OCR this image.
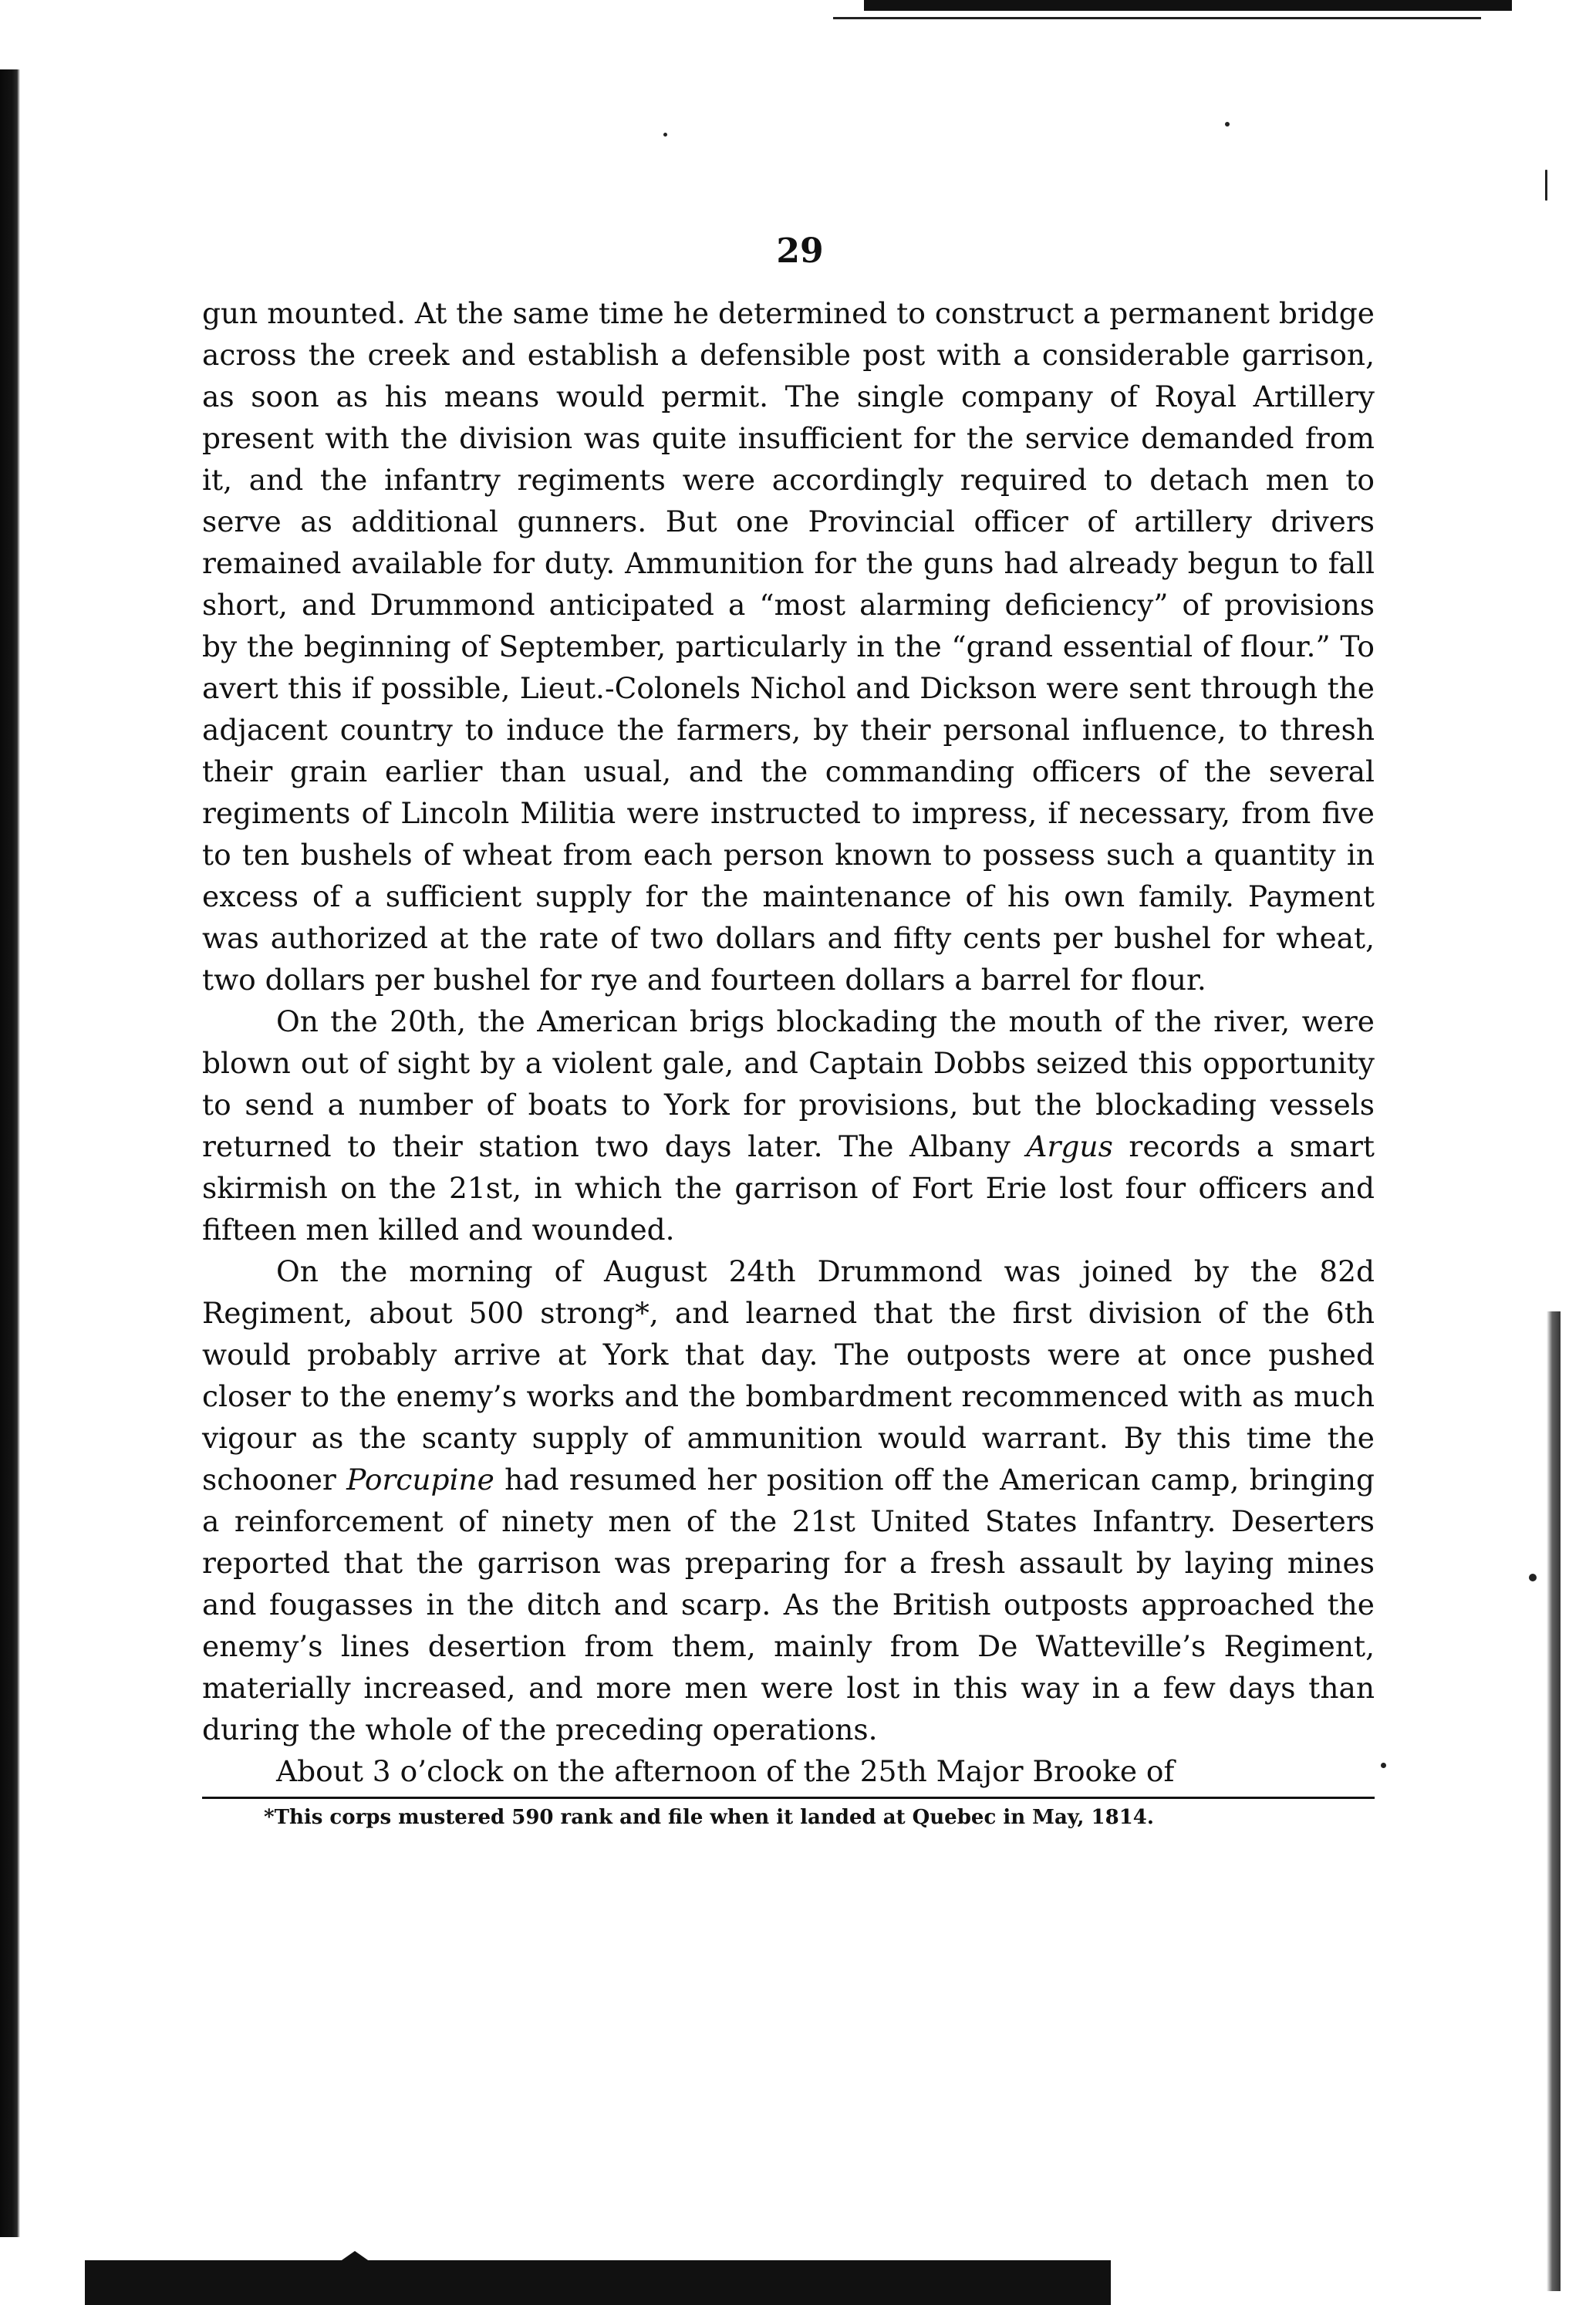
29

gun mounted. At the same time he determined to construct a permanent bridge across the creek and establish a defensible post with a considerable garrison, as soon as his means would permit. The single company of Royal Artillery present with the division was quite insufficient for the service demanded from it, and the infantry regiments were accordingly required to detach men to serve as additional gunners. But one Provincial officer of artillery drivers remained available for duty. Ammunition for the guns had already begun to fall short, and Drummond anticipated a “most alarming deficiency” of provisions by the beginning of September, particularly in the “grand essential of flour.” To avert this if possible, Lieut.-Colonels Nichol and Dickson were sent through the adjacent country to induce the farmers, by their personal influence, to thresh their grain earlier than usual, and the commanding officers of the several regiments of Lincoln Militia were instructed to impress, if necessary, from five to ten bushels of wheat from each person known to possess such a quantity in excess of a sufficient supply for the maintenance of his own family. Payment was authorized at the rate of two dollars and fifty cents per bushel for wheat, two dollars per bushel for rye and fourteen dollars a barrel for flour.

On the 20th, the American brigs blockading the mouth of the river, were blown out of sight by a violent gale, and Captain Dobbs seized this opportunity to send a number of boats to York for provisions, but the blockading vessels returned to their station two days later. The Albany Argus records a smart skirmish on the 21st, in which the garrison of Fort Erie lost four officers and fifteen men killed and wounded.

On the morning of August 24th Drummond was joined by the 82d Regiment, about 500 strong*, and learned that the first division of the 6th would probably arrive at York that day. The outposts were at once pushed closer to the enemy’s works and the bombardment recommenced with as much vigour as the scanty supply of ammunition would warrant. By this time the schooner Porcupine had resumed her position off the American camp, bringing a reinforcement of ninety men of the 21st United States Infantry. Deserters reported that the garrison was preparing for a fresh assault by laying mines and fougasses in the ditch and scarp. As the British outposts approached the enemy’s lines desertion from them, mainly from De Watteville’s Regiment, materially increased, and more men were lost in this way in a few days than during the whole of the preceding operations.

About 3 o’clock on the afternoon of the 25th Major Brooke of

*This corps mustered 590 rank and file when it landed at Quebec in May, 1814.
